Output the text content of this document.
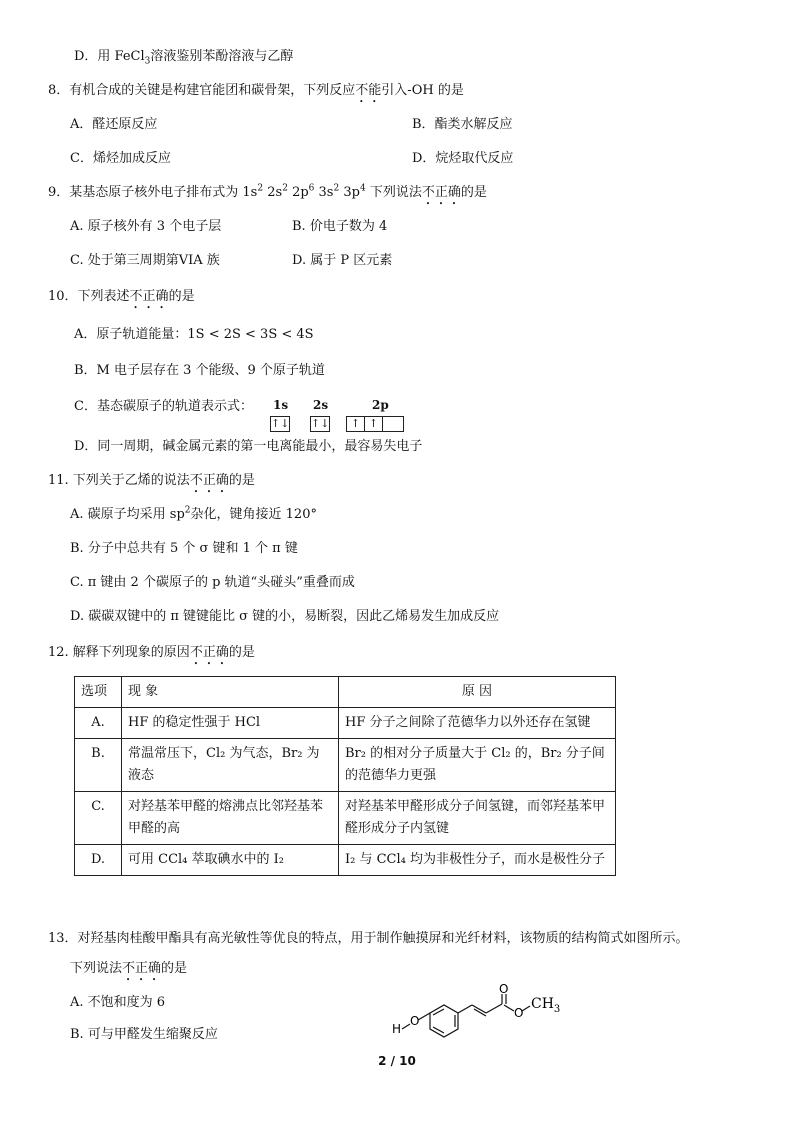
D．用 FeCl$_3$溶液鉴别苯酚溶液与乙醇
8．有机合成的关键是构建官能团和碳骨架，下列反应不能引入-OH 的是
A．醛还原反应	B．酯类水解反应
C．烯烃加成反应	D．烷烃取代反应
9．某基态原子核外电子排布式为 $1s^2$ $2s^2$ $2p^6$ $3s^2$ $3p^4$ 下列说法不正确的是
A. 原子核外有 3 个电子层	B. 价电子数为 4
C. 处于第三周期第VIA 族	D. 属于 P 区元素
10．下列表述不正确的是
A．原子轨道能量：1S < 2S < 3S < 4S
B．M 电子层存在 3 个能级、9 个原子轨道
C．基态碳原子的轨道表示式： 1s 2s	2p
↑↓ ↑↓	↑ ↑
D．同一周期，碱金属元素的第一电离能最小，最容易失电子
11. 下列关于乙烯的说法不正确的是
A. 碳原子均采用 $sp^2$杂化，键角接近 120°
B. 分子中总共有 5 个 σ 键和 1 个 π 键
C. π 键由 2 个碳原子的 p 轨道“头碰头”重叠而成
D. 碳碳双键中的 π 键键能比 σ 键的小，易断裂，因此乙烯易发生加成反应
12. 解释下列现象的原因不正确的是
选项	现 象	原 因
A.	HF 的稳定性强于 HCl	HF 分子之间除了范德华力以外还存在氢键
B.	常温常压下，Cl₂ 为气态，Br₂ 为液态	Br₂ 的相对分子质量大于 Cl₂ 的，Br₂ 分子间的范德华力更强
C.	对羟基苯甲醛的熔沸点比邻羟基苯甲醛的高	对羟基苯甲醛形成分子间氢键，而邻羟基苯甲醛形成分子内氢键
D.	可用 CCl₄ 萃取碘水中的 I₂	I₂ 与 CCl₄ 均为非极性分子，而水是极性分子
13．对羟基肉桂酸甲酯具有高光敏性等优良的特点，用于制作触摸屏和光纤材料，该物质的结构简式如图所示。
下列说法不正确的是
A. 不饱和度为 6
B. 可与甲醛发生缩聚反应	H
O
O
O
$CH_3$
2 / 10
